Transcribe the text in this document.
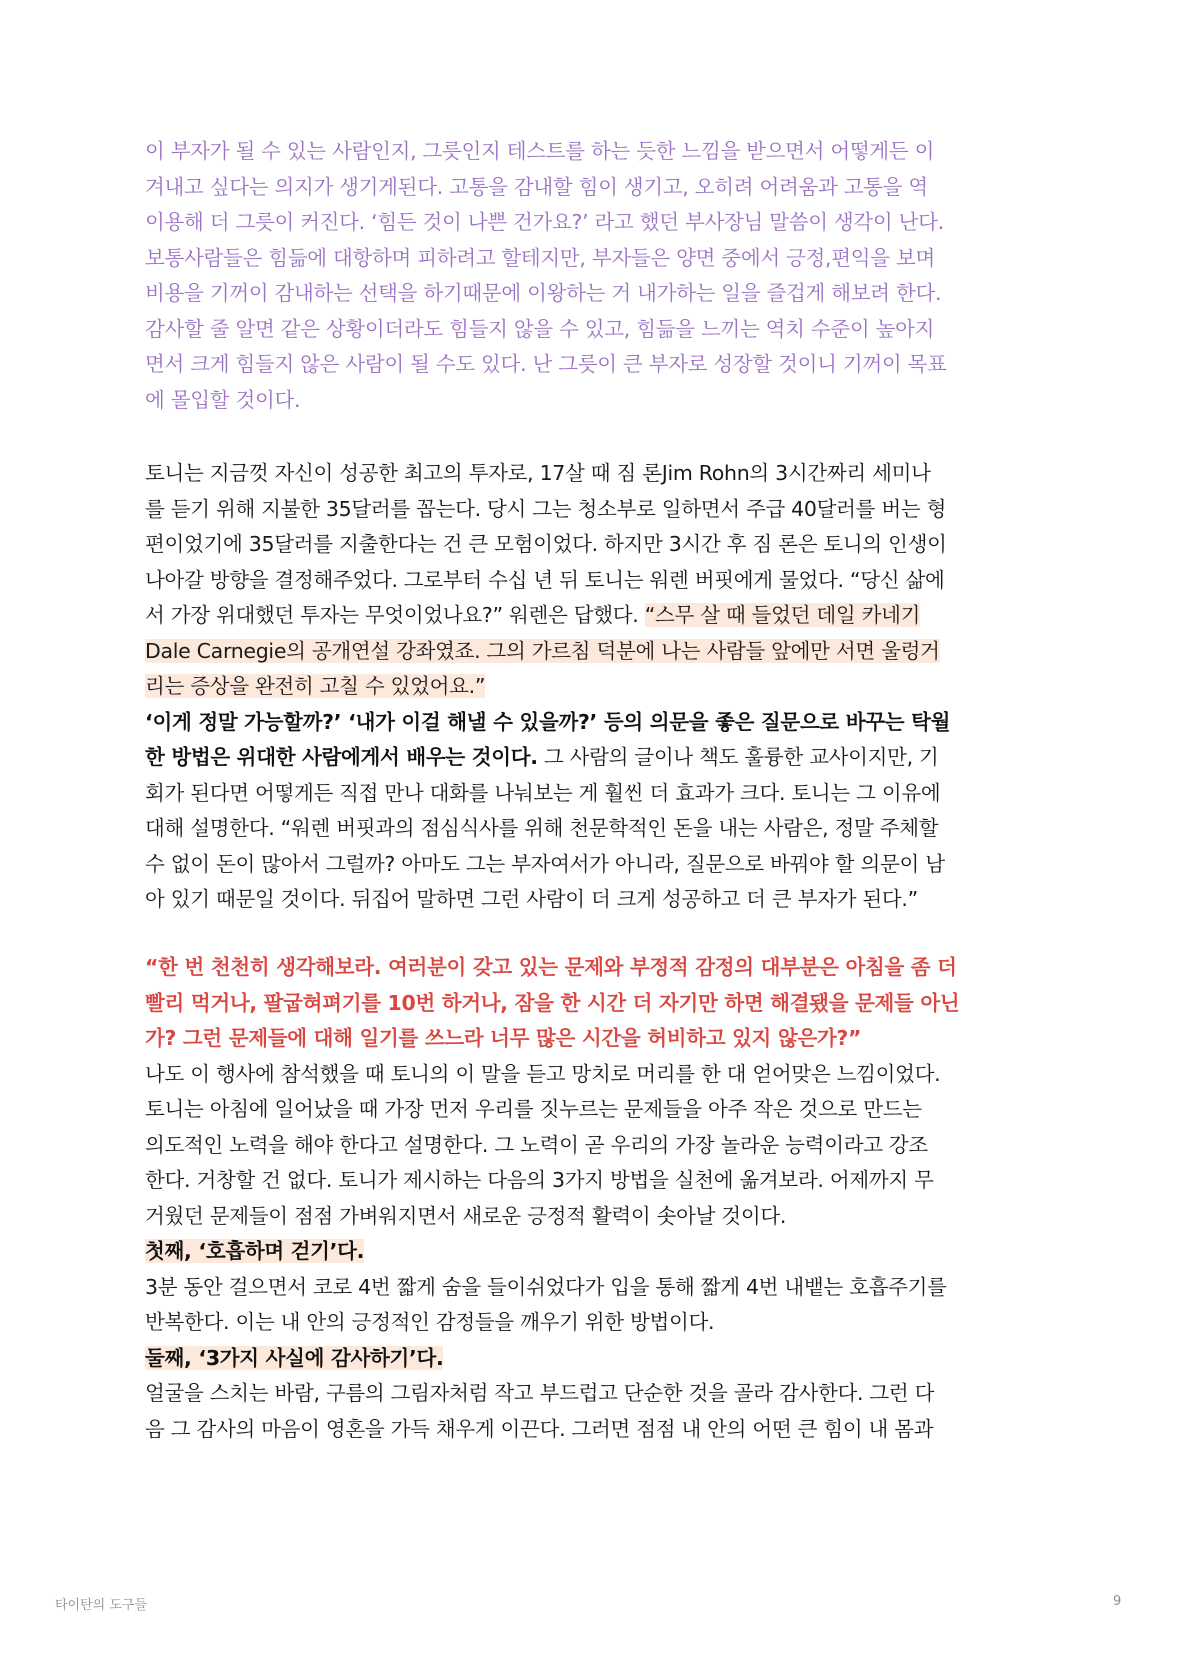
이 부자가 될 수 있는 사람인지, 그릇인지 테스트를 하는 듯한 느낌을 받으면서 어떻게든 이
겨내고 싶다는 의지가 생기게된다. 고통을 감내할 힘이 생기고, 오히려 어려움과 고통을 역
이용해 더 그릇이 커진다. ‘힘든 것이 나쁜 건가요?’ 라고 했던 부사장님 말씀이 생각이 난다.
보통사람들은 힘듦에 대항하며 피하려고 할테지만, 부자들은 양면 중에서 긍정,편익을 보며
비용을 기꺼이 감내하는 선택을 하기때문에 이왕하는 거 내가하는 일을 즐겁게 해보려 한다.
감사할 줄 알면 같은 상황이더라도 힘들지 않을 수 있고, 힘듦을 느끼는 역치 수준이 높아지
면서 크게 힘들지 않은 사람이 될 수도 있다. 난 그릇이 큰 부자로 성장할 것이니 기꺼이 목표
에 몰입할 것이다.
토니는 지금껏 자신이 성공한 최고의 투자로, 17살 때 짐 론Jim Rohn의 3시간짜리 세미나
를 듣기 위해 지불한 35달러를 꼽는다. 당시 그는 청소부로 일하면서 주급 40달러를 버는 형
편이었기에 35달러를 지출한다는 건 큰 모험이었다. 하지만 3시간 후 짐 론은 토니의 인생이
나아갈 방향을 결정해주었다. 그로부터 수십 년 뒤 토니는 워렌 버핏에게 물었다. “당신 삶에
서 가장 위대했던 투자는 무엇이었나요?” 워렌은 답했다. “스무 살 때 들었던 데일 카네기
Dale Carnegie의 공개연설 강좌였죠. 그의 가르침 덕분에 나는 사람들 앞에만 서면 울렁거
리는 증상을 완전히 고칠 수 있었어요.”
‘이게 정말 가능할까?’ ‘내가 이걸 해낼 수 있을까?’ 등의 의문을 좋은 질문으로 바꾸는 탁월
한 방법은 위대한 사람에게서 배우는 것이다. 그 사람의 글이나 책도 훌륭한 교사이지만, 기
회가 된다면 어떻게든 직접 만나 대화를 나눠보는 게 훨씬 더 효과가 크다. 토니는 그 이유에
대해 설명한다. “워렌 버핏과의 점심식사를 위해 천문학적인 돈을 내는 사람은, 정말 주체할
수 없이 돈이 많아서 그럴까? 아마도 그는 부자여서가 아니라, 질문으로 바꿔야 할 의문이 남
아 있기 때문일 것이다. 뒤집어 말하면 그런 사람이 더 크게 성공하고 더 큰 부자가 된다.”
“한 번 천천히 생각해보라. 여러분이 갖고 있는 문제와 부정적 감정의 대부분은 아침을 좀 더
빨리 먹거나, 팔굽혀펴기를 10번 하거나, 잠을 한 시간 더 자기만 하면 해결됐을 문제들 아닌
가? 그런 문제들에 대해 일기를 쓰느라 너무 많은 시간을 허비하고 있지 않은가?”
나도 이 행사에 참석했을 때 토니의 이 말을 듣고 망치로 머리를 한 대 얻어맞은 느낌이었다.
토니는 아침에 일어났을 때 가장 먼저 우리를 짓누르는 문제들을 아주 작은 것으로 만드는
의도적인 노력을 해야 한다고 설명한다. 그 노력이 곧 우리의 가장 놀라운 능력이라고 강조
한다. 거창할 건 없다. 토니가 제시하는 다음의 3가지 방법을 실천에 옮겨보라. 어제까지 무
거웠던 문제들이 점점 가벼워지면서 새로운 긍정적 활력이 솟아날 것이다.
첫째, ‘호흡하며 걷기’다.
3분 동안 걸으면서 코로 4번 짧게 숨을 들이쉬었다가 입을 통해 짧게 4번 내뱉는 호흡주기를
반복한다. 이는 내 안의 긍정적인 감정들을 깨우기 위한 방법이다.
둘째, ‘3가지 사실에 감사하기’다.
얼굴을 스치는 바람, 구름의 그림자처럼 작고 부드럽고 단순한 것을 골라 감사한다. 그런 다
음 그 감사의 마음이 영혼을 가득 채우게 이끈다. 그러면 점점 내 안의 어떤 큰 힘이 내 몸과
타이탄의 도구들	9
